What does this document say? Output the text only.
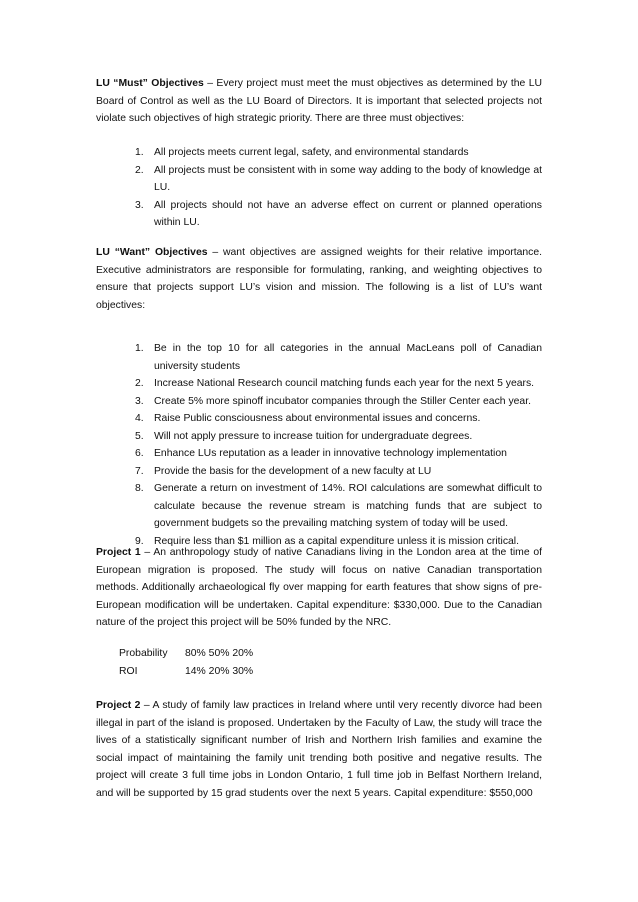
LU “Must” Objectives – Every project must meet the must objectives as determined by the LU Board of Control as well as the LU Board of Directors. It is important that selected projects not violate such objectives of high strategic priority. There are three must objectives:

1. All projects meets current legal, safety, and environmental standards
2. All projects must be consistent with in some way adding to the body of knowledge at LU.
3. All projects should not have an adverse effect on current or planned operations within LU.

LU “Want” Objectives – want objectives are assigned weights for their relative importance. Executive administrators are responsible for formulating, ranking, and weighting objectives to ensure that projects support LU’s vision and mission. The following is a list of LU’s want objectives:

1. Be in the top 10 for all categories in the annual MacLeans poll of Canadian university students
2. Increase National Research council matching funds each year for the next 5 years.
3. Create 5% more spinoff incubator companies through the Stiller Center each year.
4. Raise Public consciousness about environmental issues and concerns.
5. Will not apply pressure to increase tuition for undergraduate degrees.
6. Enhance LUs reputation as a leader in innovative technology implementation
7. Provide the basis for the development of a new faculty at LU
8. Generate a return on investment of 14%. ROI calculations are somewhat difficult to calculate because the revenue stream is matching funds that are subject to government budgets so the prevailing matching system of today will be used.
9. Require less than $1 million as a capital expenditure unless it is mission critical.

Project 1 – An anthropology study of native Canadians living in the London area at the time of European migration is proposed. The study will focus on native Canadian transportation methods. Additionally archaeological fly over mapping for earth features that show signs of pre-European modification will be undertaken. Capital expenditure: $330,000. Due to the Canadian nature of the project this project will be 50% funded by the NRC.

Probability 80% 50% 20%
ROI	14% 20% 30%

Project 2 – A study of family law practices in Ireland where until very recently divorce had been illegal in part of the island is proposed. Undertaken by the Faculty of Law, the study will trace the lives of a statistically significant number of Irish and Northern Irish families and examine the social impact of maintaining the family unit trending both positive and negative results. The project will create 3 full time jobs in London Ontario, 1 full time job in Belfast Northern Ireland, and will be supported by 15 grad students over the next 5 years. Capital expenditure: $550,000
